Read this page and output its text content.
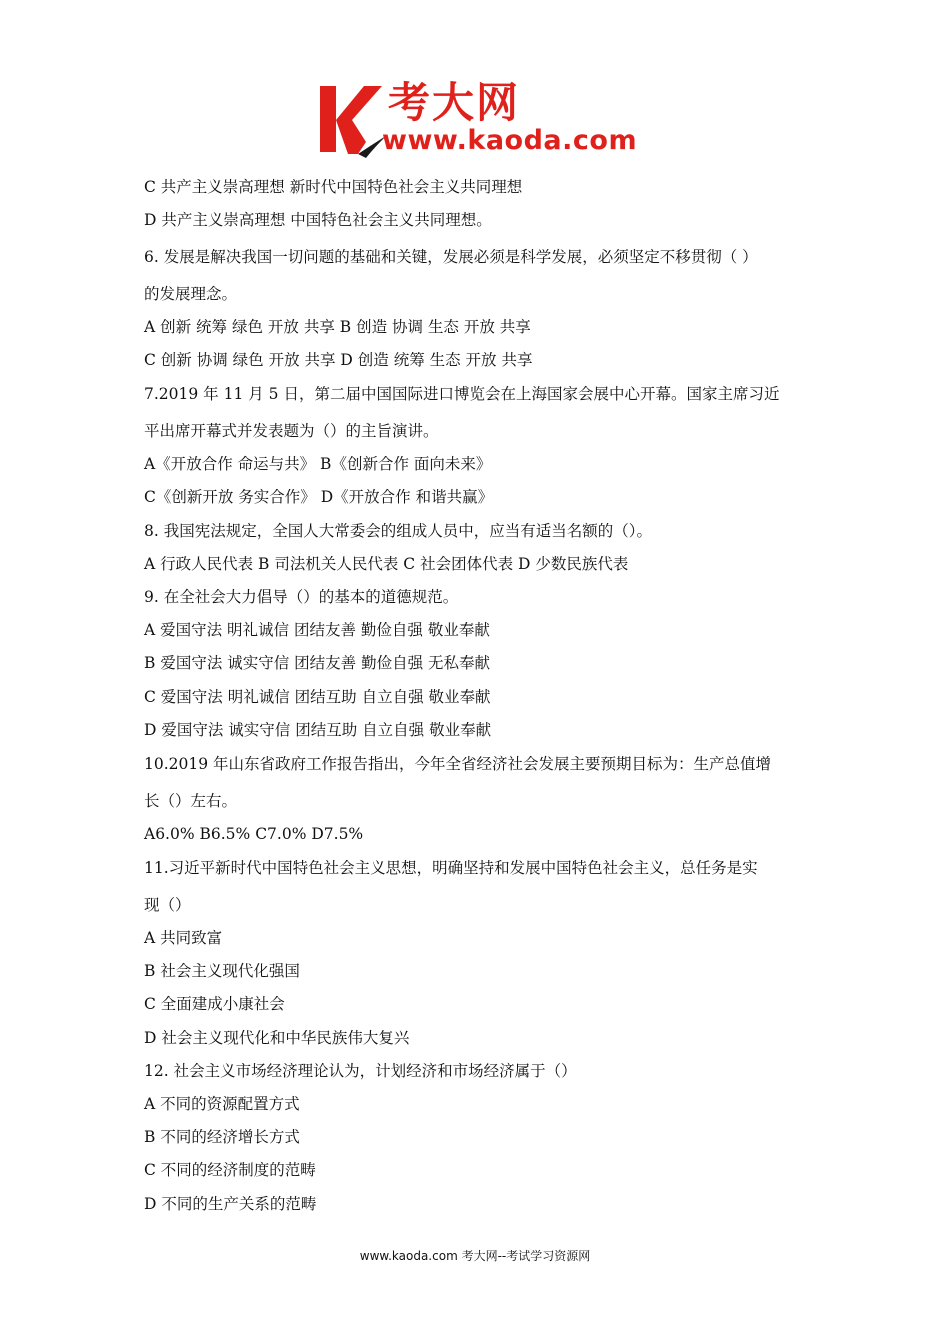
考大网
www.kaoda.com
C 共产主义崇高理想 新时代中国特色社会主义共同理想
D 共产主义崇高理想 中国特色社会主义共同理想。
6. 发展是解决我国一切问题的基础和关键，发展必须是科学发展，必须坚定不移贯彻（ ）
的发展理念。
A 创新 统筹 绿色 开放 共享 B 创造 协调 生态 开放 共享
C 创新 协调 绿色 开放 共享 D 创造 统筹 生态 开放 共享
7.2019 年 11 月 5 日，第二届中国国际进口博览会在上海国家会展中心开幕。国家主席习近
平出席开幕式并发表题为（）的主旨演讲。
A《开放合作 命运与共》 B《创新合作 面向未来》
C《创新开放 务实合作》 D《开放合作 和谐共赢》
8. 我国宪法规定，全国人大常委会的组成人员中，应当有适当名额的（）。
A 行政人民代表 B 司法机关人民代表 C 社会团体代表 D 少数民族代表
9. 在全社会大力倡导（）的基本的道德规范。
A 爱国守法 明礼诚信 团结友善 勤俭自强 敬业奉献
B 爱国守法 诚实守信 团结友善 勤俭自强 无私奉献
C 爱国守法 明礼诚信 团结互助 自立自强 敬业奉献
D 爱国守法 诚实守信 团结互助 自立自强 敬业奉献
10.2019 年山东省政府工作报告指出，今年全省经济社会发展主要预期目标为：生产总值增
长（）左右。
A6.0% B6.5% C7.0% D7.5%
11.习近平新时代中国特色社会主义思想，明确坚持和发展中国特色社会主义，总任务是实
现（）
A 共同致富
B 社会主义现代化强国
C 全面建成小康社会
D 社会主义现代化和中华民族伟大复兴
12. 社会主义市场经济理论认为，计划经济和市场经济属于（）
A 不同的资源配置方式
B 不同的经济增长方式
C 不同的经济制度的范畴
D 不同的生产关系的范畴
www.kaoda.com 考大网--考试学习资源网
